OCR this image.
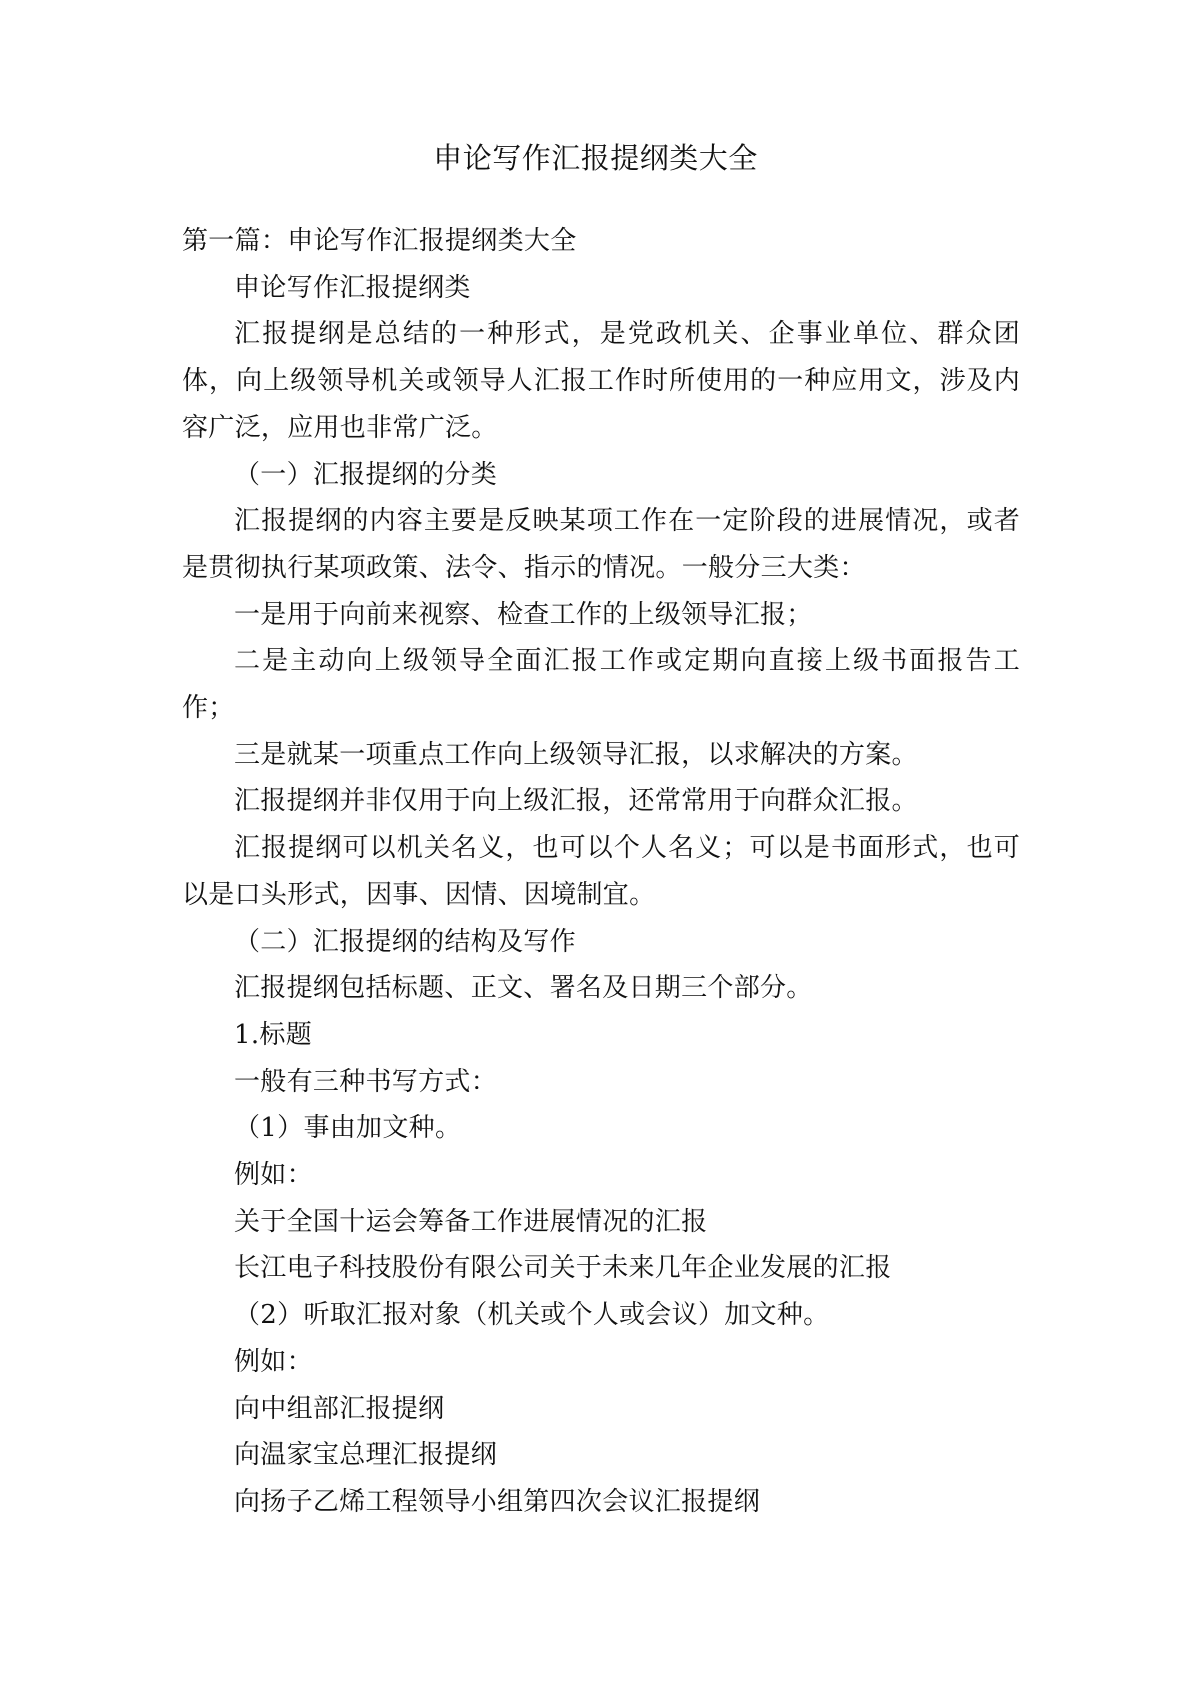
申论写作汇报提纲类大全

第一篇：申论写作汇报提纲类大全

申论写作汇报提纲类

汇报提纲是总结的一种形式，是党政机关、企事业单位、群众团体，向上级领导机关或领导人汇报工作时所使用的一种应用文，涉及内容广泛，应用也非常广泛。

（一）汇报提纲的分类

汇报提纲的内容主要是反映某项工作在一定阶段的进展情况，或者是贯彻执行某项政策、法令、指示的情况。一般分三大类：

一是用于向前来视察、检查工作的上级领导汇报；

二是主动向上级领导全面汇报工作或定期向直接上级书面报告工作；

三是就某一项重点工作向上级领导汇报，以求解决的方案。

汇报提纲并非仅用于向上级汇报，还常常用于向群众汇报。

汇报提纲可以机关名义，也可以个人名义；可以是书面形式，也可以是口头形式，因事、因情、因境制宜。

（二）汇报提纲的结构及写作

汇报提纲包括标题、正文、署名及日期三个部分。

1.标题

一般有三种书写方式：

（1）事由加文种。

例如：

关于全国十运会筹备工作进展情况的汇报

长江电子科技股份有限公司关于未来几年企业发展的汇报

（2）听取汇报对象（机关或个人或会议）加文种。

例如：

向中组部汇报提纲

向温家宝总理汇报提纲

向扬子乙烯工程领导小组第四次会议汇报提纲
